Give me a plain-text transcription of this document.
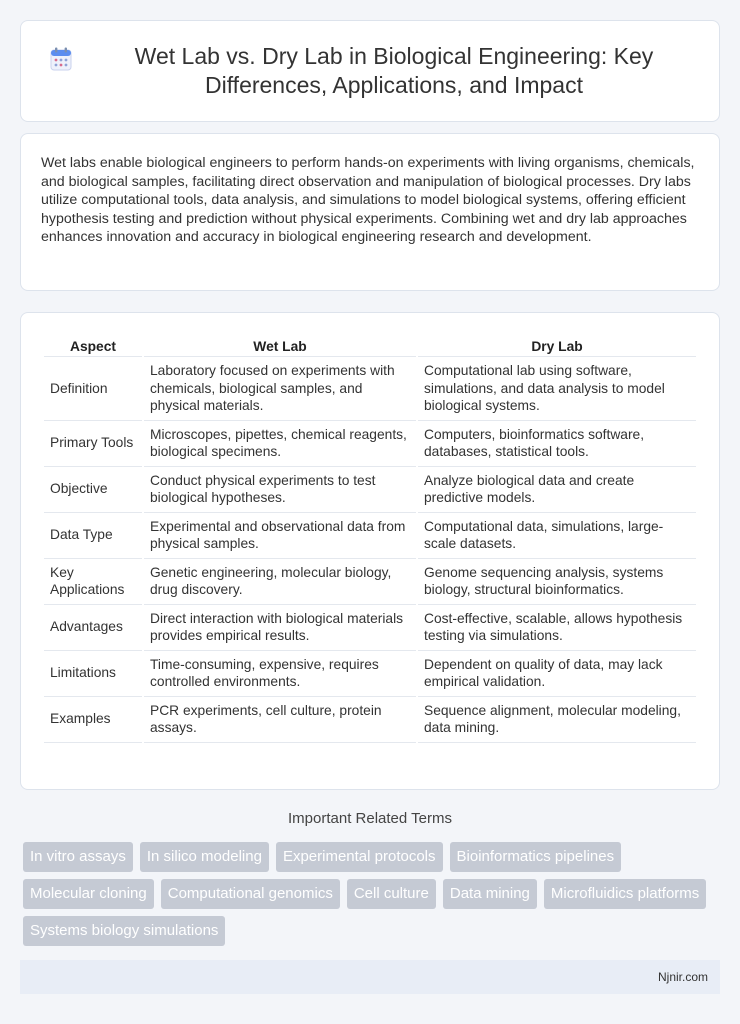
Wet Lab vs. Dry Lab in Biological Engineering: Key Differences, Applications, and Impact

Wet labs enable biological engineers to perform hands-on experiments with living organisms, chemicals, and biological samples, facilitating direct observation and manipulation of biological processes. Dry labs utilize computational tools, data analysis, and simulations to model biological systems, offering efficient hypothesis testing and prediction without physical experiments. Combining wet and dry lab approaches enhances innovation and accuracy in biological engineering research and development.

Aspect	Wet Lab	Dry Lab
Definition	Laboratory focused on experiments with chemicals, biological samples, and physical materials.	Computational lab using software, simulations, and data analysis to model biological systems.
Primary Tools	Microscopes, pipettes, chemical reagents, biological specimens.	Computers, bioinformatics software, databases, statistical tools.
Objective	Conduct physical experiments to test biological hypotheses.	Analyze biological data and create predictive models.
Data Type	Experimental and observational data from physical samples.	Computational data, simulations, large-scale datasets.
Key Applications	Genetic engineering, molecular biology, drug discovery.	Genome sequencing analysis, systems biology, structural bioinformatics.
Advantages	Direct interaction with biological materials provides empirical results.	Cost-effective, scalable, allows hypothesis testing via simulations.
Limitations	Time-consuming, expensive, requires controlled environments.	Dependent on quality of data, may lack empirical validation.
Examples	PCR experiments, cell culture, protein assays.	Sequence alignment, molecular modeling, data mining.
Important Related Terms
In vitro assays	In silico modeling	Experimental protocols	Bioinformatics pipelines
Molecular cloning	Computational genomics	Cell culture	Data mining	Microfluidics platforms
Systems biology simulations
Njnir.com
